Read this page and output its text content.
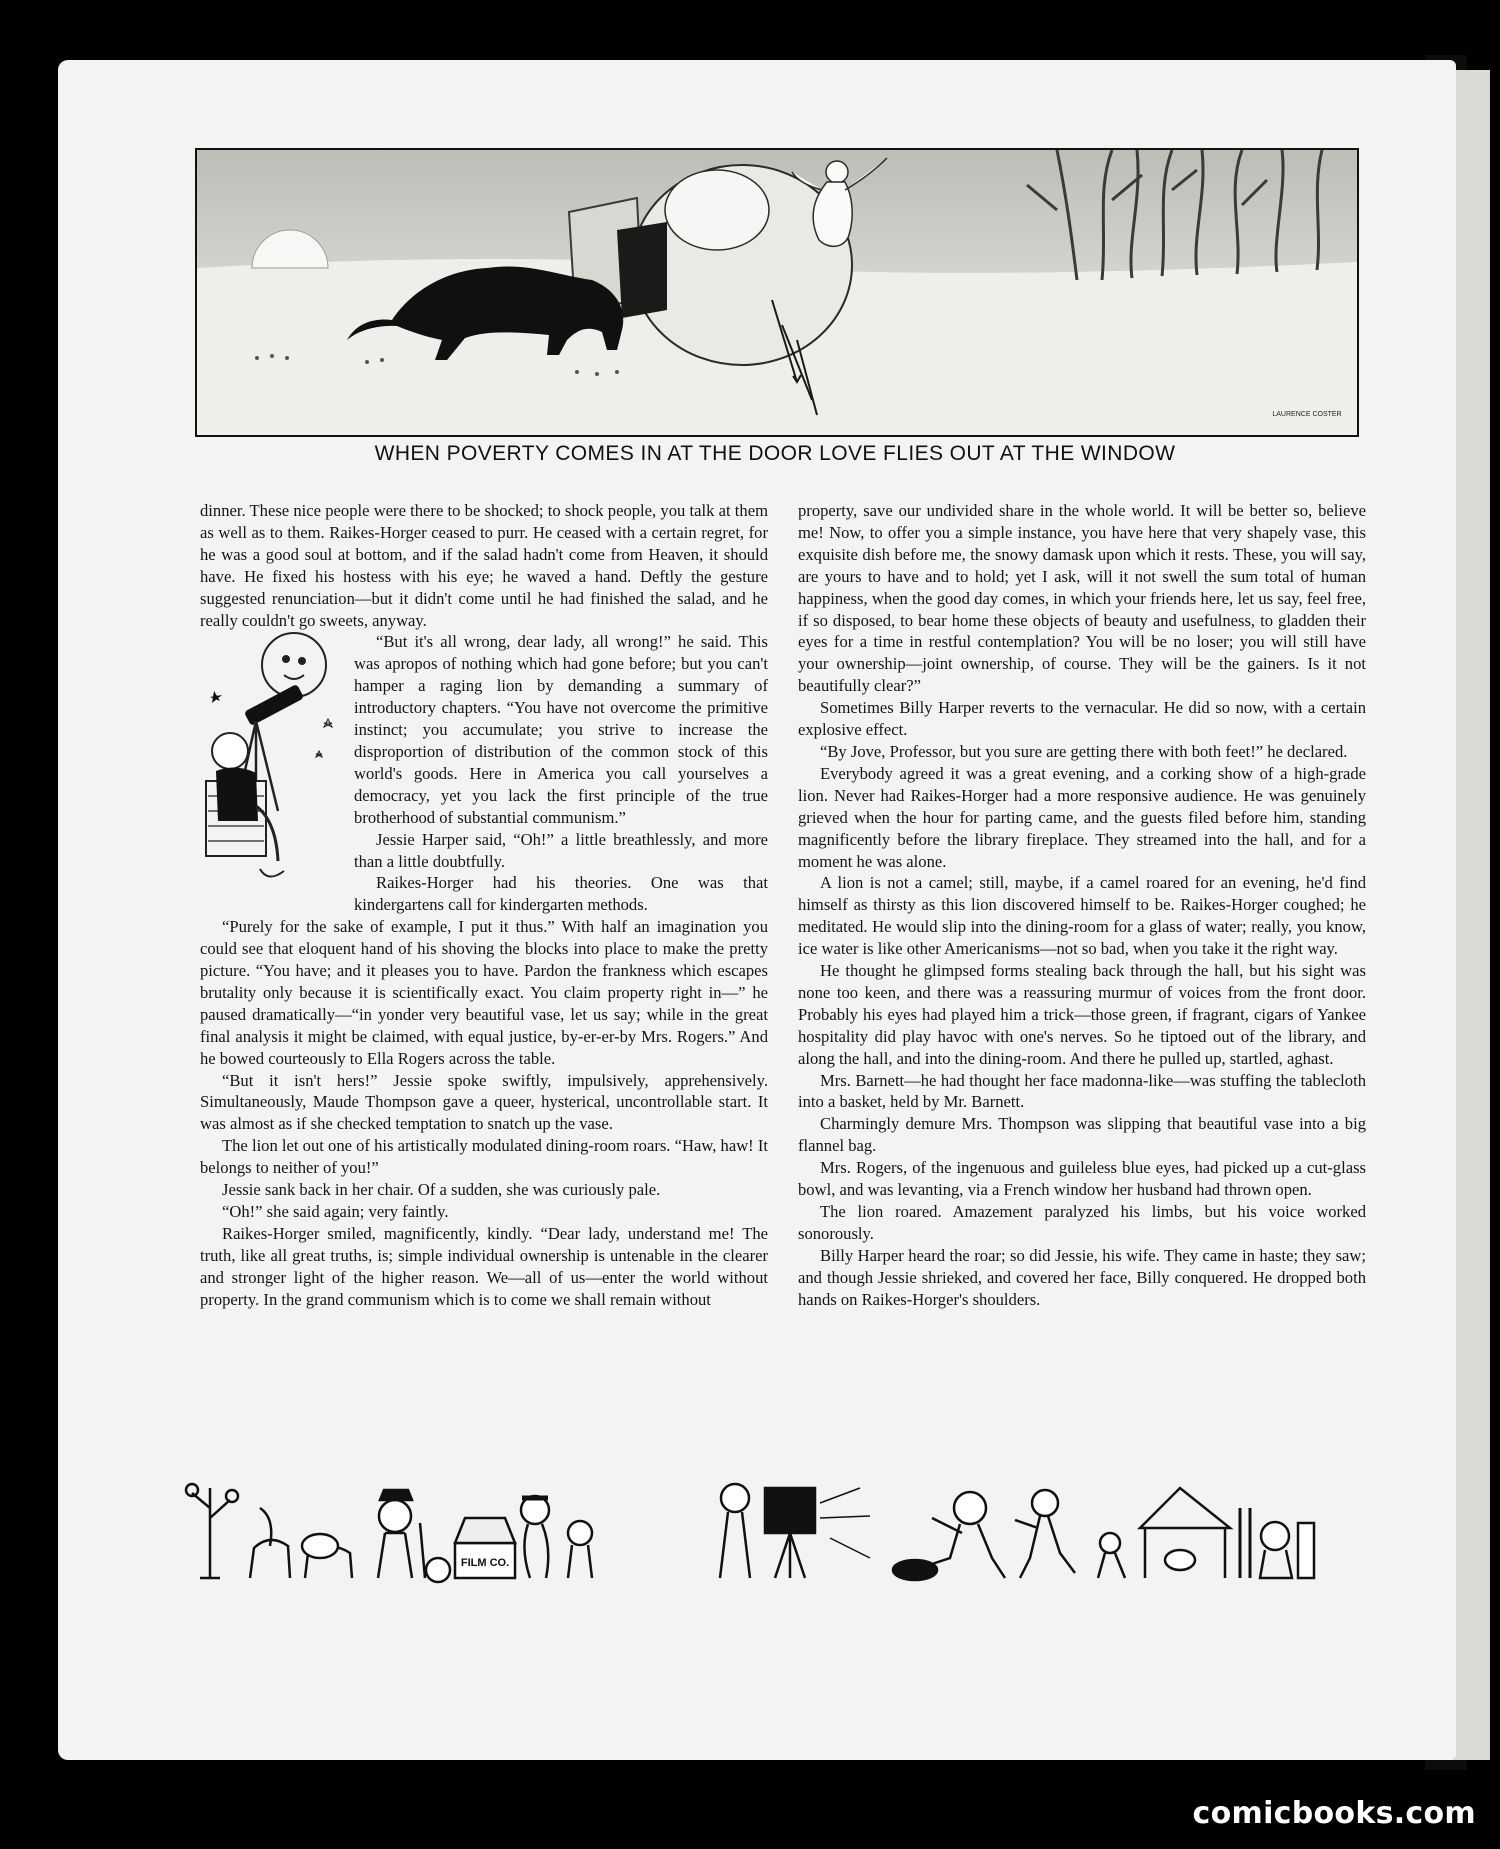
LAURENCE COSTER
WHEN POVERTY COMES IN AT THE DOOR LOVE FLIES OUT AT THE WINDOW

dinner. These nice people were there to be shocked; to shock people, you talk at them as well as to them. Raikes-Horger ceased to purr. He ceased with a certain regret, for he was a good soul at bottom, and if the salad hadn't come from Heaven, it should have. He fixed his hostess with his eye; he waved a hand. Deftly the gesture suggested renunciation—but it didn't come until he had finished the salad, and he really couldn't go sweets, anyway.

“But it's all wrong, dear lady, all wrong!” he said. This was apropos of nothing which had gone before; but you can't hamper a raging lion by demanding a summary of introductory chapters. “You have not overcome the primitive instinct; you accumulate; you strive to increase the disproportion of distribution of the common stock of this world's goods. Here in America you call yourselves a democracy, yet you lack the first principle of the true brotherhood of substantial communism.”

Jessie Harper said, “Oh!” a little breathlessly, and more than a little doubtfully.

Raikes-Horger had his theories. One was that kindergartens call for kindergarten methods.

“Purely for the sake of example, I put it thus.” With half an imagination you could see that eloquent hand of his shoving the blocks into place to make the pretty picture. “You have; and it pleases you to have. Pardon the frankness which escapes brutality only because it is scientifically exact. You claim property right in—” he paused dramatically—“in yonder very beautiful vase, let us say; while in the great final analysis it might be claimed, with equal justice, by-er-er-by Mrs. Rogers.” And he bowed courteously to Ella Rogers across the table.

“But it isn't hers!” Jessie spoke swiftly, impulsively, apprehensively. Simultaneously, Maude Thompson gave a queer, hysterical, uncontrollable start. It was almost as if she checked temptation to snatch up the vase.

The lion let out one of his artistically modulated dining-room roars. “Haw, haw! It belongs to neither of you!”

Jessie sank back in her chair. Of a sudden, she was curiously pale.

“Oh!” she said again; very faintly.

Raikes-Horger smiled, magnificently, kindly. “Dear lady, understand me! The truth, like all great truths, is; simple individual ownership is untenable in the clearer and stronger light of the higher reason. We—all of us—enter the world without property. In the grand communism which is to come we shall remain without

property, save our undivided share in the whole world. It will be better so, believe me! Now, to offer you a simple instance, you have here that very shapely vase, this exquisite dish before me, the snowy damask upon which it rests. These, you will say, are yours to have and to hold; yet I ask, will it not swell the sum total of human happiness, when the good day comes, in which your friends here, let us say, feel free, if so disposed, to bear home these objects of beauty and usefulness, to gladden their eyes for a time in restful contemplation? You will be no loser; you will still have your ownership—joint ownership, of course. They will be the gainers. Is it not beautifully clear?”

Sometimes Billy Harper reverts to the vernacular. He did so now, with a certain explosive effect.

“By Jove, Professor, but you sure are getting there with both feet!” he declared.

Everybody agreed it was a great evening, and a corking show of a high-grade lion. Never had Raikes-Horger had a more responsive audience. He was genuinely grieved when the hour for parting came, and the guests filed before him, standing magnificently before the library fireplace. They streamed into the hall, and for a moment he was alone.

A lion is not a camel; still, maybe, if a camel roared for an evening, he'd find himself as thirsty as this lion discovered himself to be. Raikes-Horger coughed; he meditated. He would slip into the dining-room for a glass of water; really, you know, ice water is like other Americanisms—not so bad, when you take it the right way.

He thought he glimpsed forms stealing back through the hall, but his sight was none too keen, and there was a reassuring murmur of voices from the front door. Probably his eyes had played him a trick—those green, if fragrant, cigars of Yankee hospitality did play havoc with one's nerves. So he tiptoed out of the library, and along the hall, and into the dining-room. And there he pulled up, startled, aghast.

Mrs. Barnett—he had thought her face madonna-like—was stuffing the tablecloth into a basket, held by Mr. Barnett.

Charmingly demure Mrs. Thompson was slipping that beautiful vase into a big flannel bag.

Mrs. Rogers, of the ingenuous and guileless blue eyes, had picked up a cut-glass bowl, and was levanting, via a French window her husband had thrown open.

The lion roared. Amazement paralyzed his limbs, but his voice worked sonorously.

Billy Harper heard the roar; so did Jessie, his wife. They came in haste; they saw; and though Jessie shrieked, and covered her face, Billy conquered. He dropped both hands on Raikes-Horger's shoulders.

FILM CO.
comicbooks.com
